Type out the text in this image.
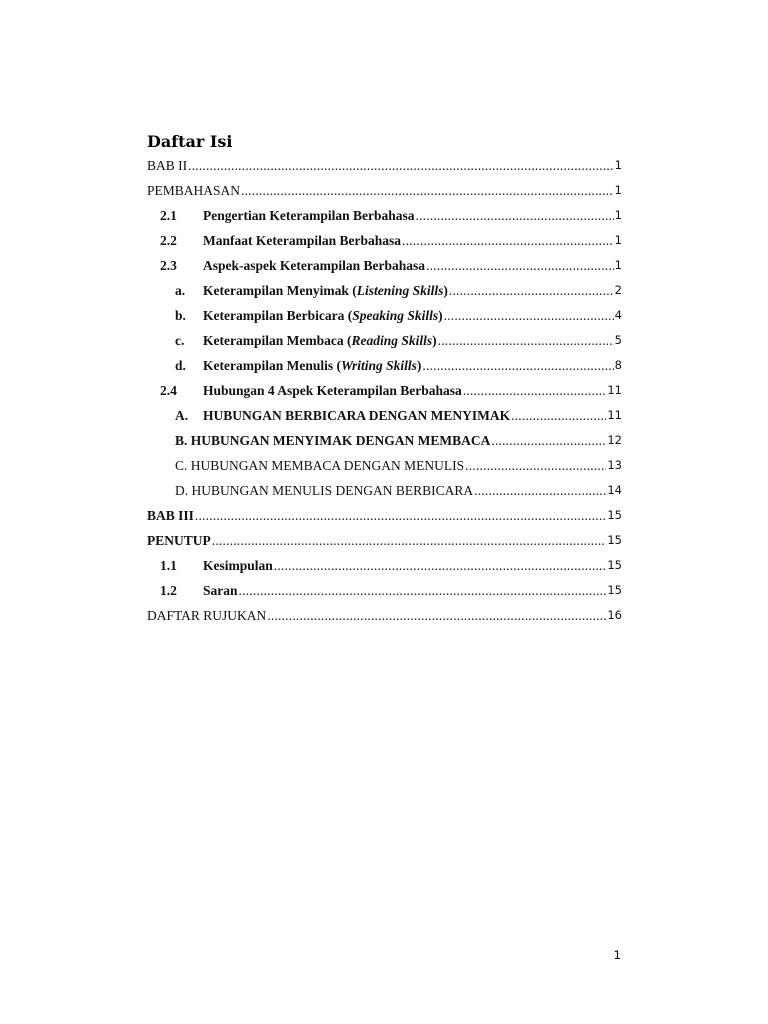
Daftar Isi
BAB II .....	1
PEMBAHASAN .....	1
2.1	Pengertian Keterampilan Berbahasa .....	1
2.2	Manfaat Keterampilan Berbahasa .....	1
2.3	Aspek-aspek Keterampilan Berbahasa .....	1
a.	Keterampilan Menyimak (Listening Skills) .....	2
b.	Keterampilan Berbicara (Speaking Skills) .....	4
c.	Keterampilan Membaca (Reading Skills) .....	5
d.	Keterampilan Menulis (Writing Skills) .....	8
2.4	Hubungan 4 Aspek Keterampilan Berbahasa .....	11
A.	HUBUNGAN BERBICARA DENGAN MENYIMAK .....	11
B. HUBUNGAN MENYIMAK DENGAN MEMBACA .....	12
C. HUBUNGAN MEMBACA DENGAN MENULIS .....	13
D. HUBUNGAN MENULIS DENGAN BERBICARA .....	14
BAB III .....	15
PENUTUP .....	15
1.1	Kesimpulan .....	15
1.2	Saran .....	15
DAFTAR RUJUKAN .....	16
1
